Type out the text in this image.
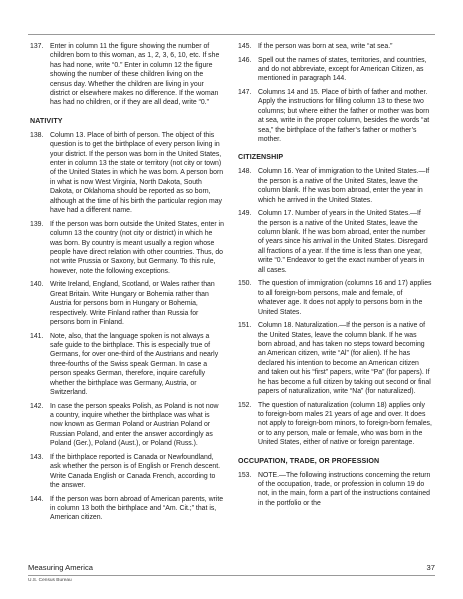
137. Enter in column 11 the figure showing the number of children born to this woman, as 1, 2, 3, 6, 10, etc. If she has had none, write “0.” Enter in column 12 the figure showing the number of these children living on the census day. Whether the children are living in your district or elsewhere makes no difference. If the woman has had no children, or if they are all dead, write “0.”
NATIVITY
138. Column 13. Place of birth of person. The object of this question is to get the birthplace of every person living in your district. If the person was born in the United States, enter in column 13 the state or territory (not city or town) of the United States in which he was born. A person born in what is now West Virginia, North Dakota, South Dakota, or Oklahoma should be reported as so born, although at the time of his birth the particular region may have had a different name.
139. If the person was born outside the United States, enter in column 13 the country (not city or district) in which he was born. By country is meant usually a region whose people have direct relation with other countries. Thus, do not write Prussia or Saxony, but Germany. To this rule, however, note the following exceptions.
140. Write Ireland, England, Scotland, or Wales rather than Great Britain. Write Hungary or Bohemia rather than Austria for persons born in Hungary or Bohemia, respectively. Write Finland rather than Russia for persons born in Finland.
141. Note, also, that the language spoken is not always a safe guide to the birthplace. This is especially true of Germans, for over one-third of the Austrians and nearly three-fourths of the Swiss speak German. In case a person speaks German, therefore, inquire carefully whether the birthplace was Germany, Austria, or Switzerland.
142. In case the person speaks Polish, as Poland is not now a country, inquire whether the birthplace was what is now known as German Poland or Austrian Poland or Russian Poland, and enter the answer accordingly as Poland (Ger.), Poland (Aust.), or Poland (Russ.).
143. If the birthplace reported is Canada or Newfoundland, ask whether the person is of English or French descent. Write Canada English or Canada French, according to the answer.
144. If the person was born abroad of American parents, write in column 13 both the birthplace and “Am. Cit.;” that is, American citizen.
145. If the person was born at sea, write “at sea.”
146. Spell out the names of states, territories, and countries, and do not abbreviate, except for American Citizen, as mentioned in paragraph 144.
147. Columns 14 and 15. Place of birth of father and mother. Apply the instructions for filling column 13 to these two columns; but where either the father or mother was born at sea, write in the proper column, besides the words “at sea,” the birthplace of the father’s father or mother’s mother.
CITIZENSHIP
148. Column 16. Year of immigration to the United States.—If the person is a native of the United States, leave the column blank. If he was born abroad, enter the year in which he arrived in the United States.
149. Column 17. Number of years in the United States.—If the person is a native of the United States, leave the column blank. If he was born abroad, enter the number of years since his arrival in the United States. Disregard all fractions of a year. If the time is less than one year, write “0.” Endeavor to get the exact number of years in all cases.
150. The question of immigration (columns 16 and 17) applies to all foreign-born persons, male and female, of whatever age. It does not apply to persons born in the United States.
151. Column 18. Naturalization.—If the person is a native of the United States, leave the column blank. If he was born abroad, and has taken no steps toward becoming an American citizen, write “Al” (for alien). If he has declared his intention to become an American citizen and taken out his “first” papers, write “Pa” (for papers). If he has become a full citizen by taking out second or final papers of naturalization, write “Na” (for naturalized).
152. The question of naturalization (column 18) applies only to foreign-born males 21 years of age and over. It does not apply to foreign-born minors, to foreign-born females, or to any person, male or female, who was born in the United States, either of native or foreign parentage.
OCCUPATION, TRADE, OR PROFESSION
153. NOTE.—The following instructions concerning the return of the occupation, trade, or profession in column 19 do not, in the main, form a part of the instructions contained in the portfolio or the
Measuring America	37
U.S. Census Bureau
